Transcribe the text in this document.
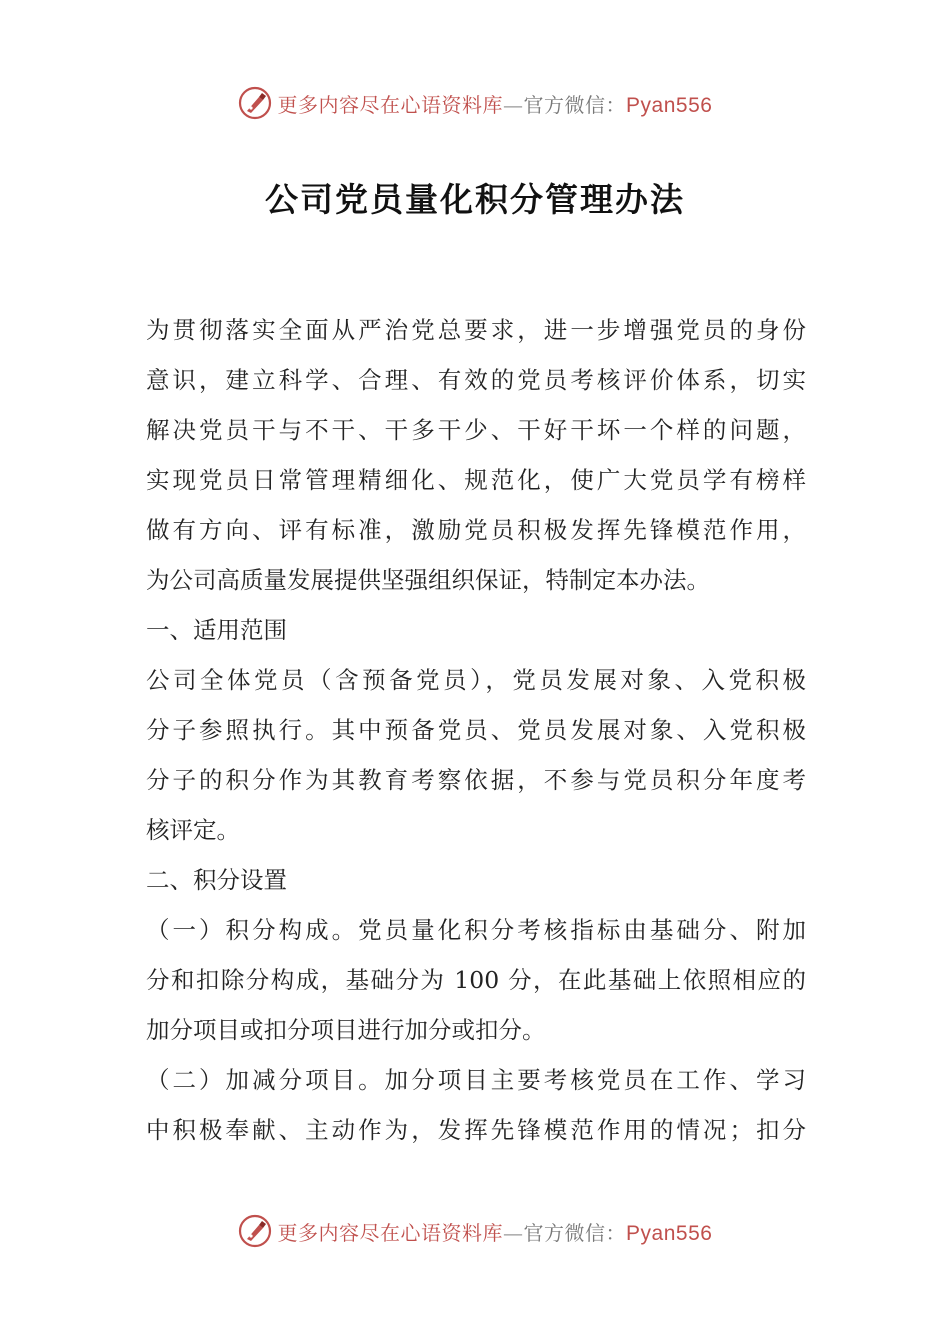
更多内容尽在心语资料库—官方微信：Pyan556
公司党员量化积分管理办法
为贯彻落实全面从严治党总要求，进一步增强党员的身份
意识，建立科学、合理、有效的党员考核评价体系，切实
解决党员干与不干、干多干少、干好干坏一个样的问题，
实现党员日常管理精细化、规范化，使广大党员学有榜样
做有方向、评有标准，激励党员积极发挥先锋模范作用，
为公司高质量发展提供坚强组织保证，特制定本办法。
一、适用范围
公司全体党员（含预备党员），党员发展对象、入党积极
分子参照执行。其中预备党员、党员发展对象、入党积极
分子的积分作为其教育考察依据，不参与党员积分年度考
核评定。
二、积分设置
（一）积分构成。党员量化积分考核指标由基础分、附加
分和扣除分构成，基础分为 100 分，在此基础上依照相应的
加分项目或扣分项目进行加分或扣分。
（二）加减分项目。加分项目主要考核党员在工作、学习
中积极奉献、主动作为，发挥先锋模范作用的情况；扣分
更多内容尽在心语资料库—官方微信：Pyan556
